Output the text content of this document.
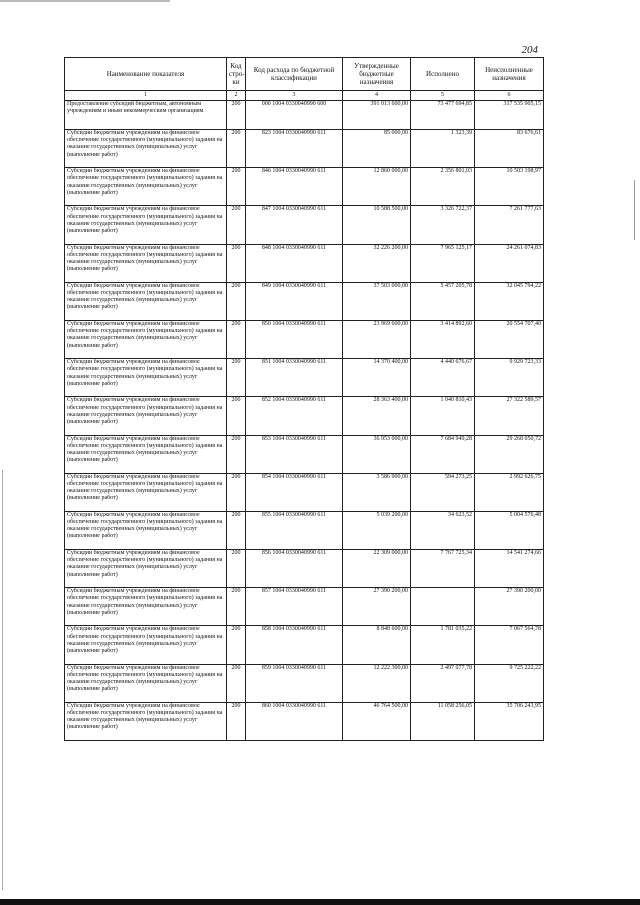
204
Наименование показателя	Код стро-ки	Код расхода по бюджетной классификации	Утвержденные бюджетные назначения	Исполнено	Неисполненные назначения
1	2	3	4	5	6
Предоставление субсидий бюджетным, автономным учреждениям и иным некоммерческим организациям	200	000 1004 0330040990 600	391 013 600,00	73 477 694,85	317 535 905,15
Субсидии бюджетным учреждениям на финансовое обеспечение государственного (муниципального) задания на оказание государственных (муниципальных) услуг (выполнение работ)	200	823 1004 0330040990 611	85 000,00	1 323,39	83 676,61
Субсидии бюджетным учреждениям на финансовое обеспечение государственного (муниципального) задания на оказание государственных (муниципальных) услуг (выполнение работ)	200	846 1004 0330040990 611	12 860 000,00	2 356 801,03	10 503 198,97
Субсидии бюджетным учреждениям на финансовое обеспечение государственного (муниципального) задания на оказание государственных (муниципальных) услуг (выполнение работ)	200	847 1004 0330040990 611	10 588 500,00	3 326 722,37	7 261 777,63
Субсидии бюджетным учреждениям на финансовое обеспечение государственного (муниципального) задания на оказание государственных (муниципальных) услуг (выполнение работ)	200	848 1004 0330040990 611	32 226 200,00	7 965 125,17	24 261 074,83
Субсидии бюджетным учреждениям на финансовое обеспечение государственного (муниципального) задания на оказание государственных (муниципальных) услуг (выполнение работ)	200	849 1004 0330040990 611	37 503 000,00	5 457 205,78	32 045 794,22
Субсидии бюджетным учреждениям на финансовое обеспечение государственного (муниципального) задания на оказание государственных (муниципальных) услуг (выполнение работ)	200	850 1004 0330040990 611	23 969 600,00	3 414 892,60	20 554 707,40
Субсидии бюджетным учреждениям на финансовое обеспечение государственного (муниципального) задания на оказание государственных (муниципальных) услуг (выполнение работ)	200	851 1004 0330040990 611	14 370 400,00	4 440 676,67	9 929 723,33
Субсидии бюджетным учреждениям на финансовое обеспечение государственного (муниципального) задания на оказание государственных (муниципальных) услуг (выполнение работ)	200	852 1004 0330040990 611	28 363 400,00	1 040 810,43	27 322 589,57
Субсидии бюджетным учреждениям на финансовое обеспечение государственного (муниципального) задания на оказание государственных (муниципальных) услуг (выполнение работ)	200	853 1004 0330040990 611	36 953 000,00	7 684 949,28	29 268 050,72
Субсидии бюджетным учреждениям на финансовое обеспечение государственного (муниципального) задания на оказание государственных (муниципальных) услуг (выполнение работ)	200	854 1004 0330040990 611	3 586 900,00	594 273,25	2 992 626,75
Субсидии бюджетным учреждениям на финансовое обеспечение государственного (муниципального) задания на оказание государственных (муниципальных) услуг (выполнение работ)	200	855 1004 0330040990 611	5 039 200,00	34 623,52	5 004 576,48
Субсидии бюджетным учреждениям на финансовое обеспечение государственного (муниципального) задания на оказание государственных (муниципальных) услуг (выполнение работ)	200	856 1004 0330040990 611	22 309 000,00	7 767 725,34	14 541 274,66
Субсидии бюджетным учреждениям на финансовое обеспечение государственного (муниципального) задания на оказание государственных (муниципальных) услуг (выполнение работ)	200	857 1004 0330040990 611	27 390 200,00		27 390 200,00
Субсидии бюджетным учреждениям на финансовое обеспечение государственного (муниципального) задания на оказание государственных (муниципальных) услуг (выполнение работ)	200	858 1004 0330040990 611	8 848 600,00	1 781 035,22	7 067 564,78
Субсидии бюджетным учреждениям на финансовое обеспечение государственного (муниципального) задания на оказание государственных (муниципальных) услуг (выполнение работ)	200	859 1004 0330040990 611	12 222 300,00	2 497 077,78	9 725 222,22
Субсидии бюджетным учреждениям на финансовое обеспечение государственного (муниципального) задания на оказание государственных (муниципальных) услуг (выполнение работ)	200	860 1004 0330040990 611	46 764 500,00	11 058 256,05	35 706 243,95
